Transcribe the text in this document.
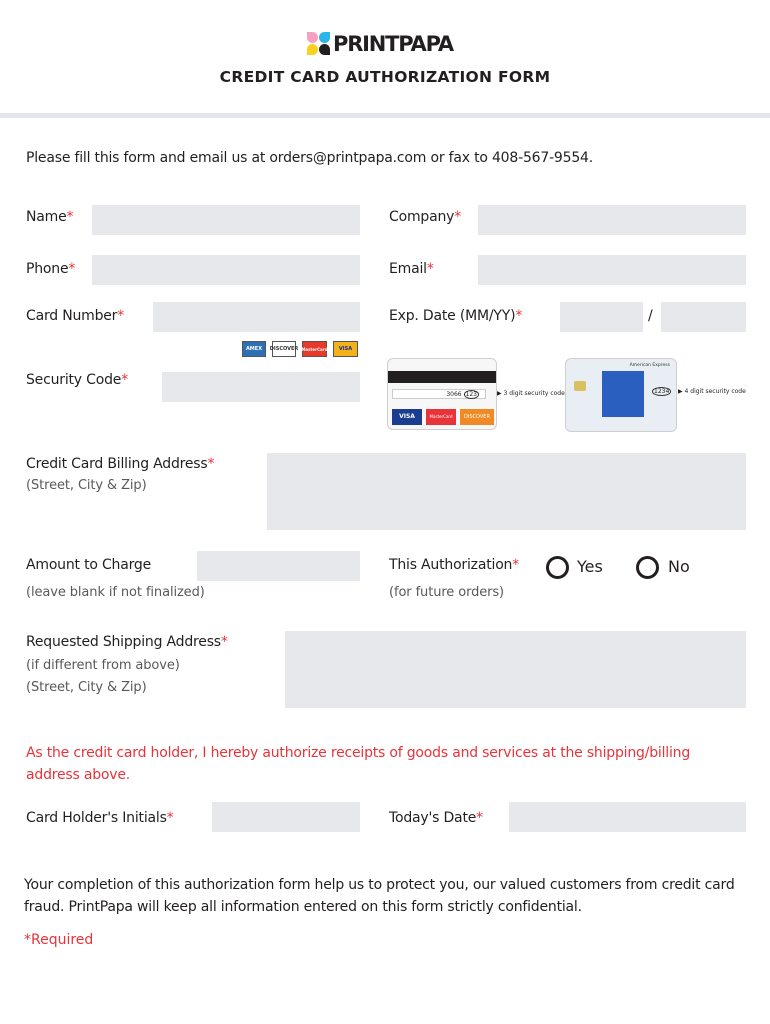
PRINTPAPA
CREDIT CARD AUTHORIZATION FORM
Please fill this form and email us at orders@printpapa.com or fax to 408-567-9554.
Name*	Company*
Phone*	Email*
Card Number*	Exp. Date (MM/YY)*	/
AMEX	DISCOVER MasterCard	VISA
Security Code*
3066 123
VISA	MasterCard	DISCOVER
▶ 3 digit security code
American Express
1234	▶ 4 digit security code
Credit Card Billing Address*
(Street, City & Zip)
Amount to Charge
(leave blank if not finalized)
This Authorization*
(for future orders)
Yes	No
Requested Shipping Address*
(if different from above)
(Street, City & Zip)
As the credit card holder, I hereby authorize receipts of goods and services at the shipping/billing address above.
Card Holder's Initials*	Today's Date*
Your completion of this authorization form help us to protect you, our valued customers from credit card fraud. PrintPapa will keep all information entered on this form strictly confidential.
*Required
